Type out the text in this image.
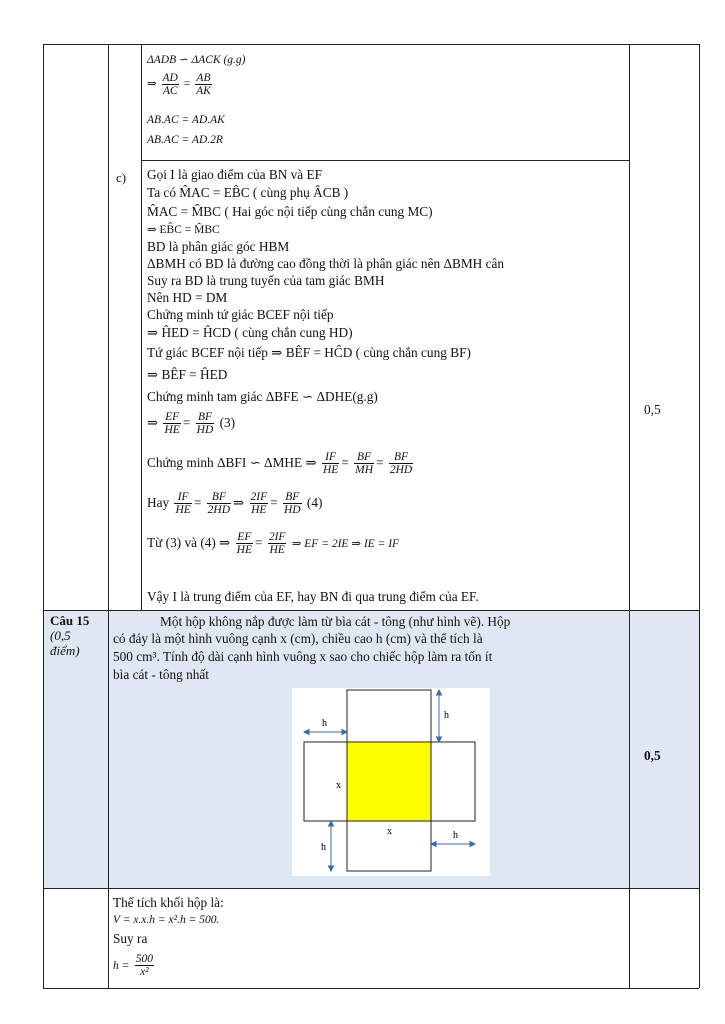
ΔADB ∽ ΔACK (g.g)
⇒ $\frac{AD}{AC} = \frac{AB}{AK}$
AB.AC = AD.AK
AB.AC = AD.2R
c)
0,5
Gọi I là giao điểm của BN và EF
Ta có M̂AC = EB̂C ( cùng phụ ÂCB )
M̂AC = M̂BC ( Hai góc nội tiếp cùng chắn cung MC)
⇒ EB̂C = M̂BC
BD là phân giác góc HBM
ΔBMH có BD là đường cao đồng thời là phân giác nên ΔBMH cân
Suy ra BD là trung tuyến của tam giác BMH
Nên HD = DM
Chứng minh tứ giác BCEF nội tiếp
⇒ ĤED = ĤCD ( cùng chắn cung HD)
Tứ giác BCEF nội tiếp ⇒ BÊF = HĈD ( cùng chắn cung BF)
⇒ BÊF = ĤED
Chứng minh tam giác ΔBFE ∽ ΔDHE(g.g)
⇒ $\frac{EF}{HE} = \frac{BF}{HD} (3)$
Chứng minh ΔBFI ∽ ΔMHE ⇒ $\frac{IF}{HE} = \frac{BF}{MH} = \frac{BF}{2HD}$
Hay $\frac{IF}{HE} = \frac{BF}{2HD}$ ⇒ $\frac{2IF}{HE} = \frac{BF}{HD} (4)$
Từ (3) và (4) ⇒ $\frac{EF}{HE} = \frac{2IF}{HE}$ ⇒ EF = 2IE ⇒ IE = IF
Vậy I là trung điểm của EF, hay BN đi qua trung điểm của EF.
Câu 15
(0,5
điểm)
0,5
Một hộp không nắp được làm từ bìa cát - tông (như hình vẽ). Hộp
có đáy là một hình vuông cạnh x (cm), chiều cao h (cm) và thể tích là
500 cm³. Tính độ dài cạnh hình vuông x sao cho chiếc hộp làm ra tốn ít
bìa cát - tông nhất
h
h
x
x
h
h
Thể tích khối hộp là:
V = x.x.h = x².h = 500.
Suy ra
$h = \frac{500}{\text{x²}}$
